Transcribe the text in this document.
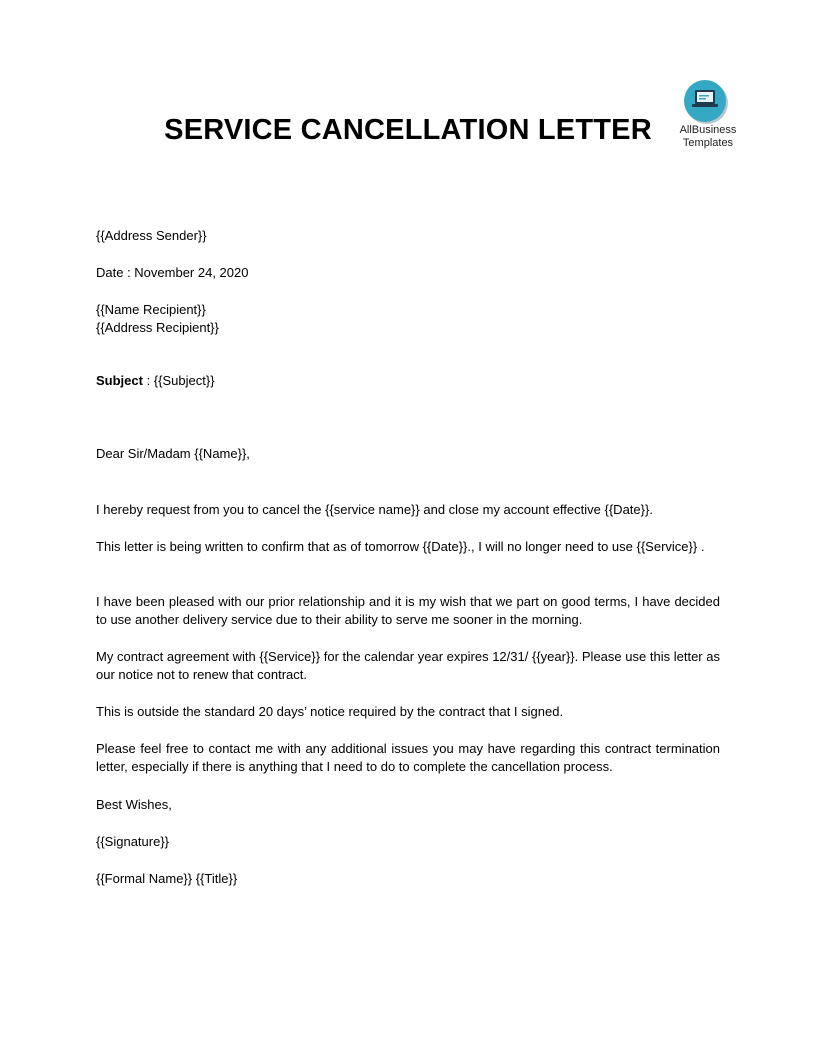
SERVICE CANCELLATION LETTER	AllBusiness
Templates
{{Address Sender}}
Date : November 24, 2020
{{Name Recipient}}
{{Address Recipient}}
Subject : {{Subject}}
Dear Sir/Madam {{Name}},
I hereby request from you to cancel the {{service name}} and close my account effective {{Date}}.
This letter is being written to confirm that as of tomorrow {{Date}}., I will no longer need to use {{Service}} .
I have been pleased with our prior relationship and it is my wish that we part on good terms, I have decided to use another delivery service due to their ability to serve me sooner in the morning.
My contract agreement with {{Service}} for the calendar year expires 12/31/ {{year}}. Please use this letter as our notice not to renew that contract.
This is outside the standard 20 days’ notice required by the contract that I signed.
Please feel free to contact me with any additional issues you may have regarding this contract termination letter, especially if there is anything that I need to do to complete the cancellation process.
Best Wishes,
{{Signature}}
{{Formal Name}} {{Title}}
